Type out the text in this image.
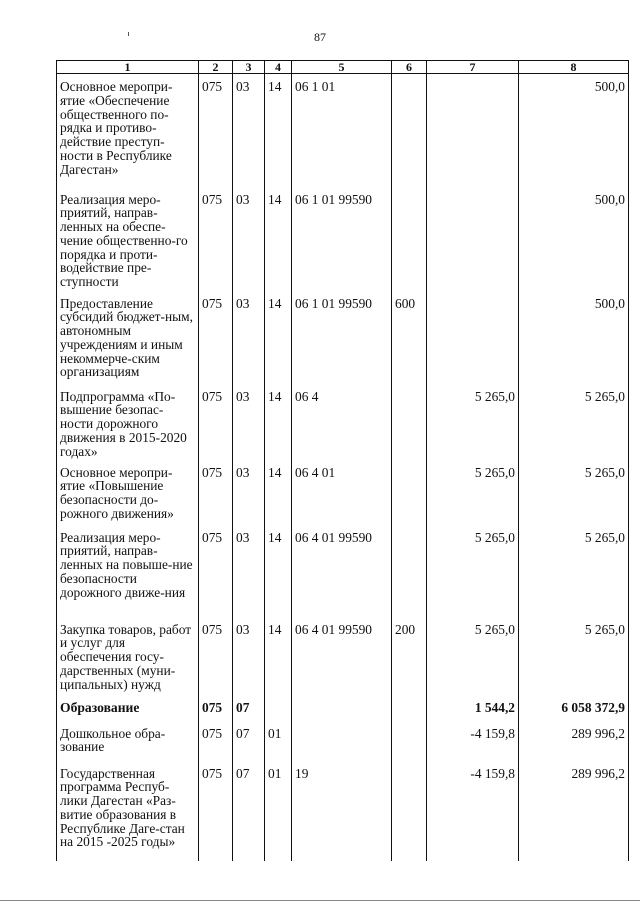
87
1	2	3	4	5	6	7	8
Основное меропри-ятие «Обеспечение общественного по-рядка и противо-действие преступ-ности в Республике Дагестан»	075	03	14	06 1 01			500,0
Реализация меро-приятий, направ-ленных на обеспе-чение общественно-го порядка и проти-водействие пре-ступности	075	03	14	06 1 01 99590			500,0
Предоставление субсидий бюджет-ным, автономным учреждениям и иным некоммерче-ским организациям	075	03	14	06 1 01 99590	600		500,0
Подпрограмма «По-вышение безопас-ности дорожного движения в 2015-2020 годах»	075	03	14	06 4		5 265,0	5 265,0
Основное меропри-ятие «Повышение безопасности до-рожного движения»	075	03	14	06 4 01		5 265,0	5 265,0
Реализация меро-приятий, направ-ленных на повыше-ние безопасности дорожного движе-ния	075	03	14	06 4 01 99590		5 265,0	5 265,0
Закупка товаров, работ и услуг для обеспечения госу-дарственных (муни-ципальных) нужд	075	03	14	06 4 01 99590	200	5 265,0	5 265,0
Образование	075	07				1 544,2	6 058 372,9
Дошкольное обра-зование	075	07	01			-4 159,8	289 996,2
Государственная программа Респуб-лики Дагестан «Раз-витие образования в Республике Даге-стан на 2015 -2025 годы»	075	07	01	19		-4 159,8	289 996,2
